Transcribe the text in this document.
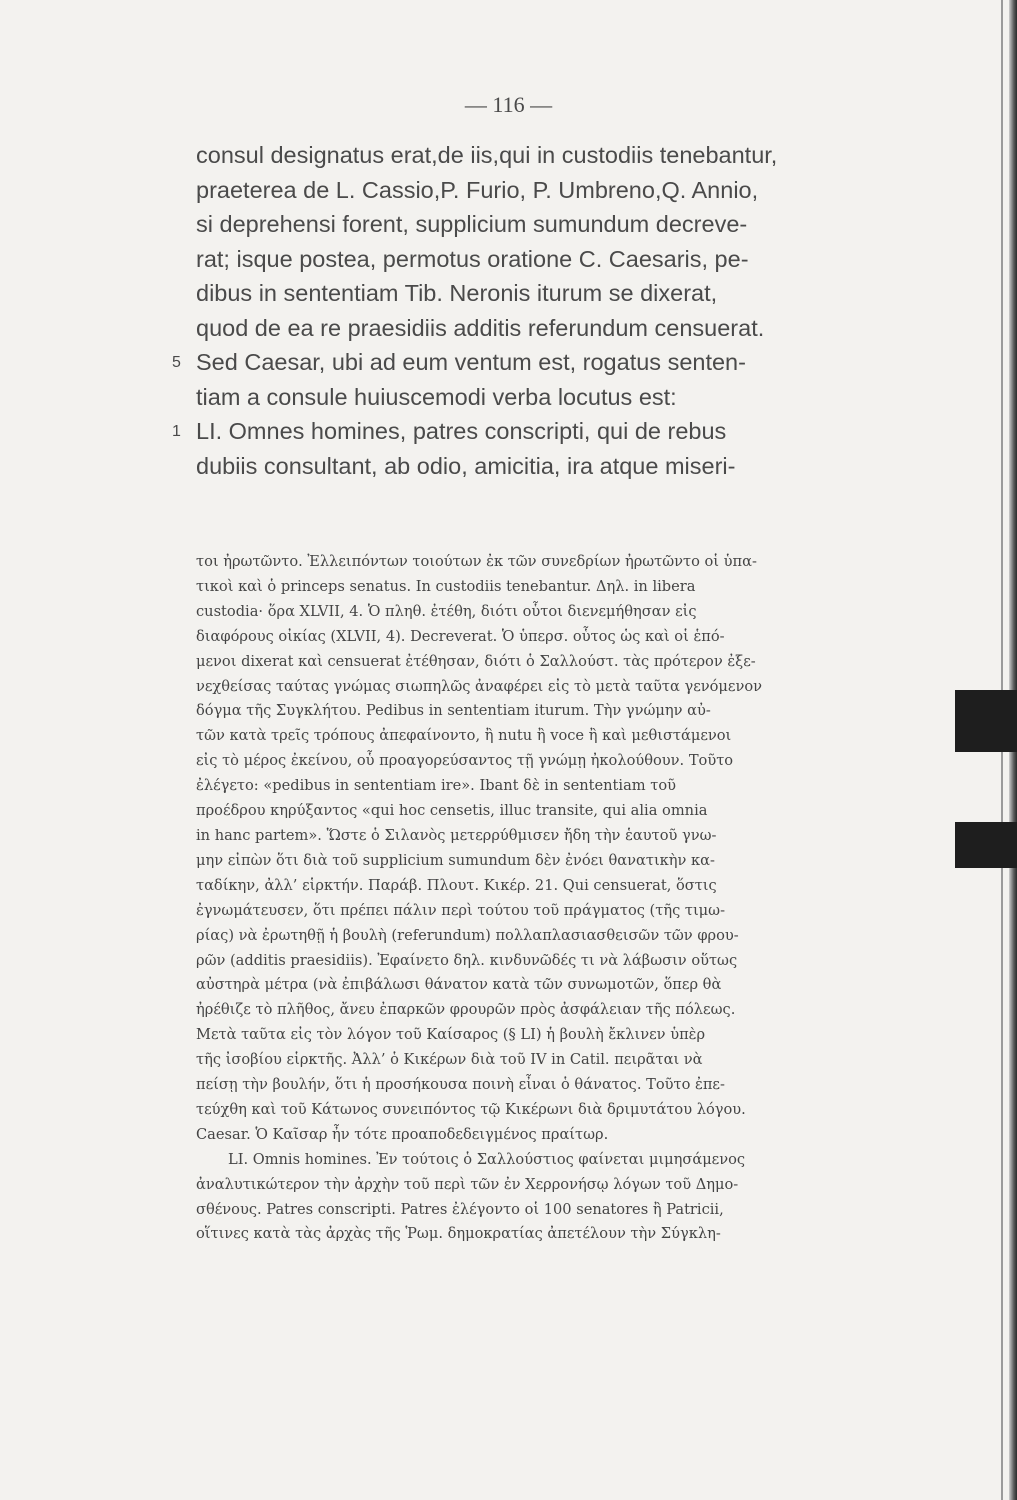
— 116 —
consul designatus erat,de iis,qui in custodiis tenebantur,
praeterea de L. Cassio,P. Furio, P. Umbreno,Q. Annio,
si deprehensi forent, supplicium sumundum decreve-
rat; isque postea, permotus oratione C. Caesaris, pe-
dibus in sententiam Tib. Neronis iturum se dixerat,
quod de ea re praesidiis additis referundum censuerat.
Sed Caesar, ubi ad eum ventum est, rogatus senten-
tiam a consule huiuscemodi verba locutus est:
LI. Omnes homines, patres conscripti, qui de rebus
dubiis consultant, ab odio, amicitia, ira atque miseri-
5
1
τοι ἠρωτῶντο. Ἐλλειπόντων τοιούτων ἐκ τῶν συνεδρίων ἠρωτῶντο οἱ ὑπα-
τικοὶ καὶ ὁ princeps senatus. In custodiis tenebantur. Δηλ. in libera
custodia· ὅρα XLVII, 4. Ὁ πληθ. ἐτέθη, διότι οὗτοι διενεμήθησαν εἰς
διαφόρους οἰκίας (XLVII, 4). Decreverat. Ὁ ὑπερσ. οὗτος ὡς καὶ οἱ ἑπό-
μενοι dixerat καὶ censuerat ἐτέθησαν, διότι ὁ Σαλλούστ. τὰς πρότερον ἐξε-
νεχθείσας ταύτας γνώμας σιωπηλῶς ἀναφέρει εἰς τὸ μετὰ ταῦτα γενόμενον
δόγμα τῆς Συγκλήτου. Pedibus in sententiam iturum. Τὴν γνώμην αὐ-
τῶν κατὰ τρεῖς τρόπους ἀπεφαίνοντο, ἢ nutu ἢ voce ἢ καὶ μεθιστάμενοι
εἰς τὸ μέρος ἐκείνου, οὗ προαγορεύσαντος τῇ γνώμῃ ἠκολούθουν. Τοῦτο
ἐλέγετο: «pedibus in sententiam ire». Ibant δὲ in sententiam τοῦ
προέδρου κηρύξαντος «qui hoc censetis, illuc transite, qui alia omnia
in hanc partem». Ὥστε ὁ Σιλανὸς μετερρύθμισεν ἤδη τὴν ἑαυτοῦ γνω-
μην εἰπὼν ὅτι διὰ τοῦ supplicium sumundum δὲν ἐνόει θανατικὴν κα-
ταδίκην, ἀλλ’ εἱρκτήν. Παράβ. Πλουτ. Κικέρ. 21. Qui censuerat, ὅστις
ἐγνωμάτευσεν, ὅτι πρέπει πάλιν περὶ τούτου τοῦ πράγματος (τῆς τιμω-
ρίας) νὰ ἐρωτηθῇ ἡ βουλὴ (referundum) πολλαπλασιασθεισῶν τῶν φρου-
ρῶν (additis praesidiis). Ἐφαίνετο δηλ. κινδυνῶδές τι νὰ λάβωσιν οὕτως
αὐστηρὰ μέτρα (νὰ ἐπιβάλωσι θάνατον κατὰ τῶν συνωμοτῶν, ὅπερ θὰ
ἠρέθιζε τὸ πλῆθος, ἄνευ ἐπαρκῶν φρουρῶν πρὸς ἀσφάλειαν τῆς πόλεως.
Μετὰ ταῦτα εἰς τὸν λόγον τοῦ Καίσαρος (§ LI) ἡ βουλὴ ἔκλινεν ὑπὲρ
τῆς ἰσοβίου εἱρκτῆς. Ἀλλ’ ὁ Κικέρων διὰ τοῦ IV in Catil. πειρᾶται νὰ
πείσῃ τὴν βουλήν, ὅτι ἡ προσήκουσα ποινὴ εἶναι ὁ θάνατος. Τοῦτο ἐπε-
τεύχθη καὶ τοῦ Κάτωνος συνειπόντος τῷ Κικέρωνι διὰ δριμυτάτου λόγου.
Caesar. Ὁ Καῖσαρ ἦν τότε προαποδεδειγμένος πραίτωρ.
LI. Omnis homines. Ἐν τούτοις ὁ Σαλλούστιος φαίνεται μιμησάμενος
ἀναλυτικώτερον τὴν ἀρχὴν τοῦ περὶ τῶν ἐν Χερρονήσῳ λόγων τοῦ Δημο-
σθένους. Patres conscripti. Patres ἐλέγοντο οἱ 100 senatores ἢ Patricii,
οἵτινες κατὰ τὰς ἀρχὰς τῆς Ῥωμ. δημοκρατίας ἀπετέλουν τὴν Σύγκλη-
